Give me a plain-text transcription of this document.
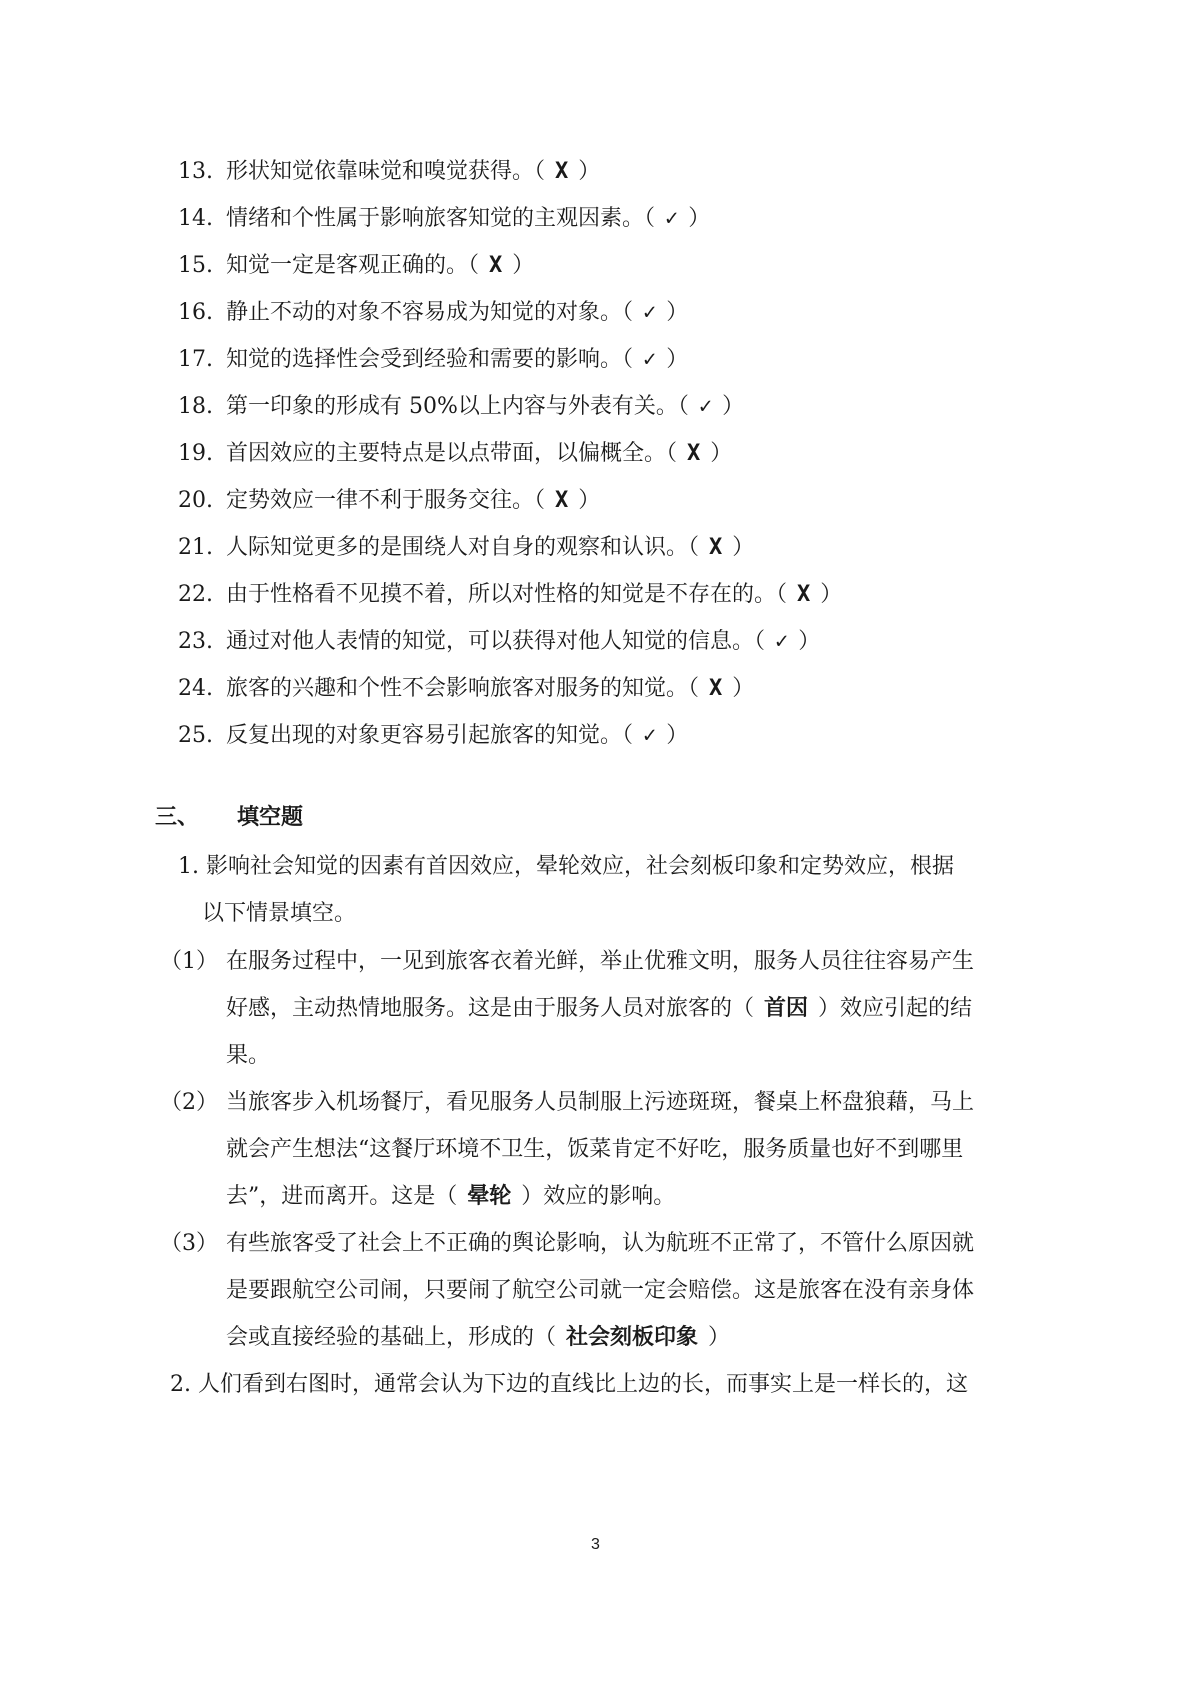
13. 形状知觉依靠味觉和嗅觉获得。（ X ）
14. 情绪和个性属于影响旅客知觉的主观因素。（ ✓ ）
15. 知觉一定是客观正确的。（ X ）
16. 静止不动的对象不容易成为知觉的对象。（ ✓ ）
17. 知觉的选择性会受到经验和需要的影响。（ ✓ ）
18. 第一印象的形成有 50%以上内容与外表有关。（ ✓ ）
19. 首因效应的主要特点是以点带面，以偏概全。（ X ）
20. 定势效应一律不利于服务交往。（ X ）
21. 人际知觉更多的是围绕人对自身的观察和认识。（ X ）
22. 由于性格看不见摸不着，所以对性格的知觉是不存在的。（ X ）
23. 通过对他人表情的知觉，可以获得对他人知觉的信息。（ ✓ ）
24. 旅客的兴趣和个性不会影响旅客对服务的知觉。（ X ）
25. 反复出现的对象更容易引起旅客的知觉。（ ✓ ）
三、 填空题
1. 影响社会知觉的因素有首因效应，晕轮效应，社会刻板印象和定势效应，根据
以下情景填空。
（1） 在服务过程中，一见到旅客衣着光鲜，举止优雅文明，服务人员往往容易产生
好感，主动热情地服务。这是由于服务人员对旅客的（ 首因 ）效应引起的结
果。
（2） 当旅客步入机场餐厅，看见服务人员制服上污迹斑斑，餐桌上杯盘狼藉，马上
就会产生想法“这餐厅环境不卫生，饭菜肯定不好吃，服务质量也好不到哪里
去”，进而离开。这是（ 晕轮 ）效应的影响。
（3） 有些旅客受了社会上不正确的舆论影响，认为航班不正常了，不管什么原因就
是要跟航空公司闹，只要闹了航空公司就一定会赔偿。这是旅客在没有亲身体
会或直接经验的基础上，形成的（ 社会刻板印象 ）
2. 人们看到右图时，通常会认为下边的直线比上边的长，而事实上是一样长的，这
3
